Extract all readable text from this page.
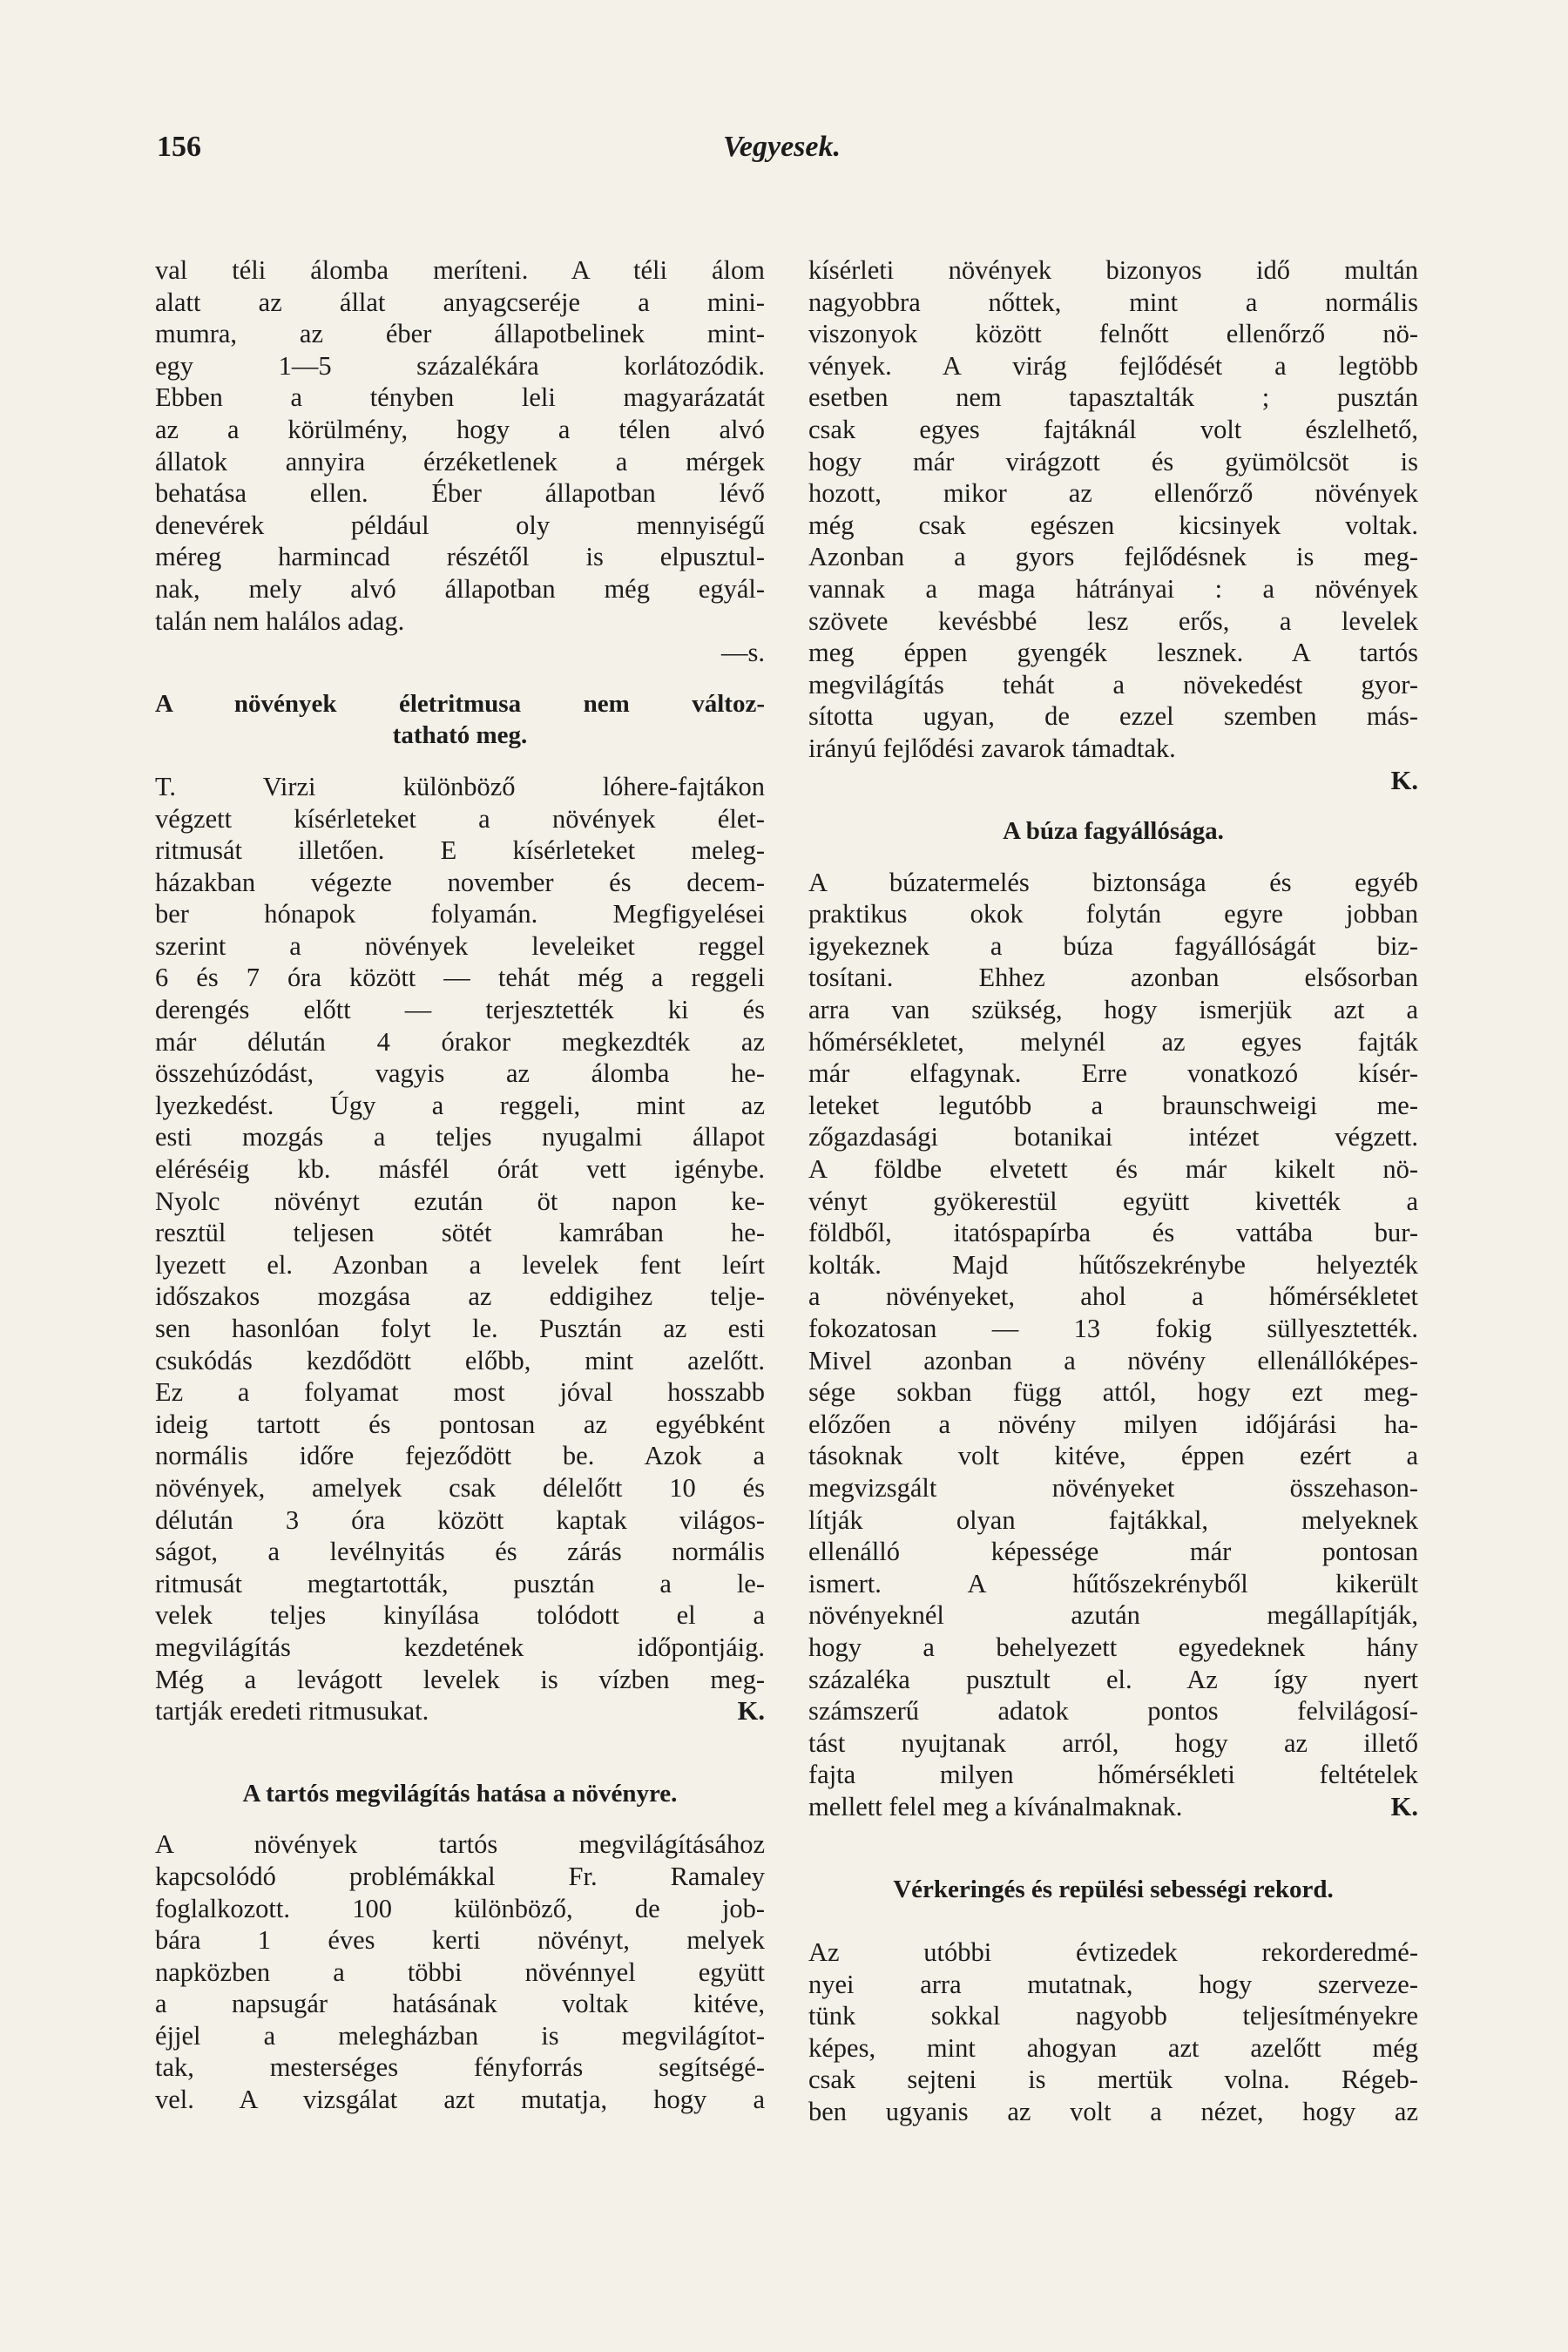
156	Vegyesek.
val téli álomba meríteni. A téli álom
alatt az állat anyagcseréje a mini-
mumra, az éber állapotbelinek mint-
egy 1—5 százalékára korlátozódik.
Ebben a tényben leli magyarázatát
az a körülmény, hogy a télen alvó
állatok annyira érzéketlenek a mérgek
behatása ellen. Éber állapotban lévő
denevérek például oly mennyiségű
méreg harmincad részétől is elpusztul-
nak, mely alvó állapotban még egyál-
talán nem halálos adag.
—s.
A növények életritmusa nem változ-
tatható meg.
T. Virzi különböző lóhere-fajtákon
végzett kísérleteket a növények élet-
ritmusát illetően. E kísérleteket meleg-
házakban végezte november és decem-
ber hónapok folyamán. Megfigyelései
szerint a növények leveleiket reggel
6 és 7 óra között — tehát még a reggeli
derengés előtt — terjesztették ki és
már délután 4 órakor megkezdték az
összehúzódást, vagyis az álomba he-
lyezkedést. Úgy a reggeli, mint az
esti mozgás a teljes nyugalmi állapot
eléréséig kb. másfél órát vett igénybe.
Nyolc növényt ezután öt napon ke-
resztül teljesen sötét kamrában he-
lyezett el. Azonban a levelek fent leírt
időszakos mozgása az eddigihez telje-
sen hasonlóan folyt le. Pusztán az esti
csukódás kezdődött előbb, mint azelőtt.
Ez a folyamat most jóval hosszabb
ideig tartott és pontosan az egyébként
normális időre fejeződött be. Azok a
növények, amelyek csak délelőtt 10 és
délután 3 óra között kaptak világos-
ságot, a levélnyitás és zárás normális
ritmusát megtartották, pusztán a le-
velek teljes kinyílása tolódott el a
megvilágítás kezdetének időpontjáig.
Még a levágott levelek is vízben meg-
tartják eredeti ritmusukat.	K.
A tartós megvilágítás hatása a növényre.
A növények tartós megvilágításához
kapcsolódó problémákkal Fr. Ramaley
foglalkozott. 100 különböző, de job-
bára 1 éves kerti növényt, melyek
napközben a többi növénnyel együtt
a napsugár hatásának voltak kitéve,
éjjel a melegházban is megvilágítot-
tak, mesterséges fényforrás segítségé-
vel. A vizsgálat azt mutatja, hogy a
kísérleti növények bizonyos idő multán
nagyobbra nőttek, mint a normális
viszonyok között felnőtt ellenőrző nö-
vények. A virág fejlődését a legtöbb
esetben nem tapasztalták ; pusztán
csak egyes fajtáknál volt észlelhető,
hogy már virágzott és gyümölcsöt is
hozott, mikor az ellenőrző növények
még csak egészen kicsinyek voltak.
Azonban a gyors fejlődésnek is meg-
vannak a maga hátrányai : a növények
szövete kevésbbé lesz erős, a levelek
meg éppen gyengék lesznek. A tartós
megvilágítás tehát a növekedést gyor-
sította ugyan, de ezzel szemben más-
irányú fejlődési zavarok támadtak.
K.
A búza fagyállósága.
A búzatermelés biztonsága és egyéb
praktikus okok folytán egyre jobban
igyekeznek a búza fagyállóságát biz-
tosítani. Ehhez azonban elsősorban
arra van szükség, hogy ismerjük azt a
hőmérsékletet, melynél az egyes fajták
már elfagynak. Erre vonatkozó kísér-
leteket legutóbb a braunschweigi me-
zőgazdasági botanikai intézet végzett.
A földbe elvetett és már kikelt nö-
vényt gyökerestül együtt kivették a
földből, itatóspapírba és vattába bur-
kolták. Majd hűtőszekrénybe helyezték
a növényeket, ahol a hőmérsékletet
fokozatosan — 13 fokig süllyesztették.
Mivel azonban a növény ellenállóképes-
sége sokban függ attól, hogy ezt meg-
előzően a növény milyen időjárási ha-
tásoknak volt kitéve, éppen ezért a
megvizsgált növényeket összehason-
lítják olyan fajtákkal, melyeknek
ellenálló képessége már pontosan
ismert. A hűtőszekrényből kikerült
növényeknél azután megállapítják,
hogy a behelyezett egyedeknek hány
százaléka pusztult el. Az így nyert
számszerű adatok pontos felvilágosí-
tást nyujtanak arról, hogy az illető
fajta milyen hőmérsékleti feltételek
mellett felel meg a kívánalmaknak.	K.
Vérkeringés és repülési sebességi rekord.
Az utóbbi évtizedek rekorderedmé-
nyei arra mutatnak, hogy szerveze-
tünk sokkal nagyobb teljesítményekre
képes, mint ahogyan azt azelőtt még
csak sejteni is mertük volna. Régeb-
ben ugyanis az volt a nézet, hogy az
